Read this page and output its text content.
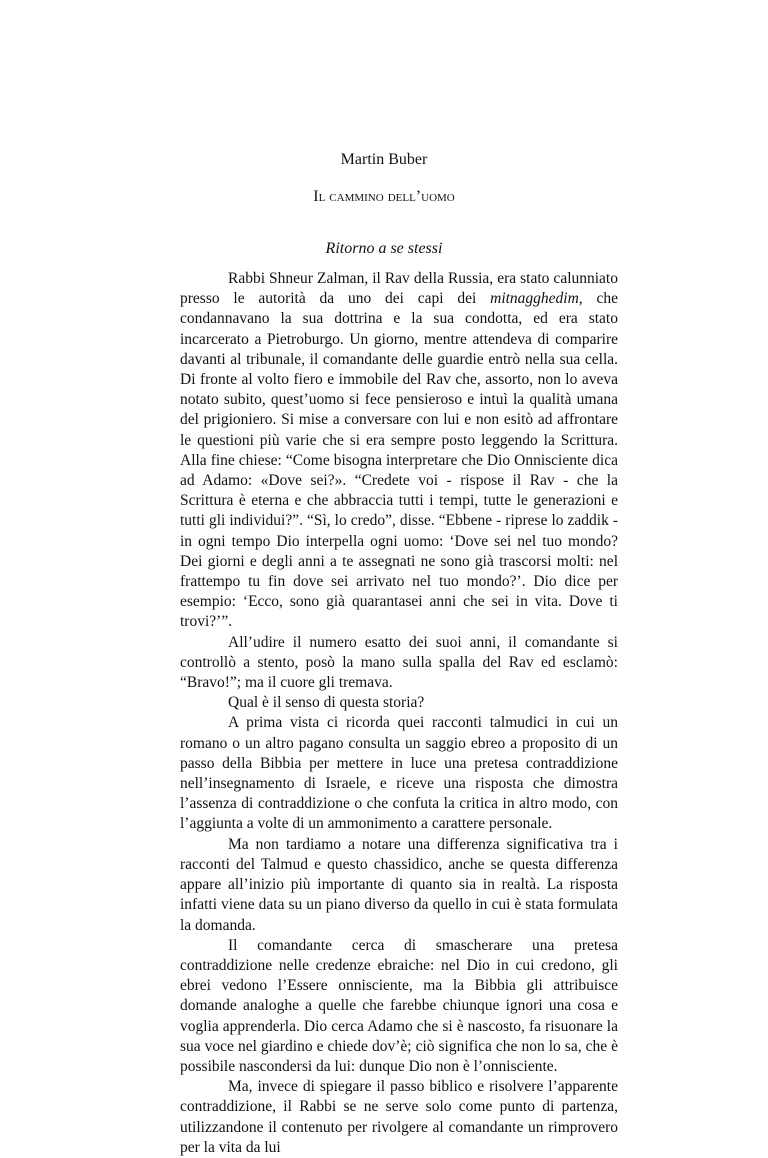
Martin Buber
Il cammino dell’uomo
Ritorno a se stessi

Rabbi Shneur Zalman, il Rav della Russia, era stato calunniato presso le autorità da uno dei capi dei mitnagghedim, che condannavano la sua dottrina e la sua condotta, ed era stato incarcerato a Pietroburgo. Un giorno, mentre attendeva di comparire davanti al tribunale, il comandante delle guardie entrò nella sua cella. Di fronte al volto fiero e immobile del Rav che, assorto, non lo aveva notato subito, quest’uomo si fece pensieroso e intuì la qualità umana del prigioniero. Si mise a conversare con lui e non esitò ad affrontare le questioni più varie che si era sempre posto leggendo la Scrittura. Alla fine chiese: “Come bisogna interpretare che Dio Onnisciente dica ad Adamo: «Dove sei?». “Credete voi - rispose il Rav - che la Scrittura è eterna e che abbraccia tutti i tempi, tutte le generazioni e tutti gli individui?”. “Sì, lo credo”, disse. “Ebbene - riprese lo zaddik - in ogni tempo Dio interpella ogni uomo: ‘Dove sei nel tuo mondo? Dei giorni e degli anni a te assegnati ne sono già trascorsi molti: nel frattempo tu fin dove sei arrivato nel tuo mondo?’. Dio dice per esempio: ‘Ecco, sono già quarantasei anni che sei in vita. Dove ti trovi?’”.

All’udire il numero esatto dei suoi anni, il comandante si controllò a stento, posò la mano sulla spalla del Rav ed esclamò: “Bravo!”; ma il cuore gli tremava.

Qual è il senso di questa storia?

A prima vista ci ricorda quei racconti talmudici in cui un romano o un altro pagano consulta un saggio ebreo a proposito di un passo della Bibbia per mettere in luce una pretesa contraddizione nell’insegnamento di Israele, e riceve una risposta che dimostra l’assenza di contraddizione o che confuta la critica in altro modo, con l’aggiunta a volte di un ammonimento a carattere personale.

Ma non tardiamo a notare una differenza significativa tra i racconti del Talmud e questo chassidico, anche se questa differenza appare all’inizio più importante di quanto sia in realtà. La risposta infatti viene data su un piano diverso da quello in cui è stata formulata la domanda.

Il comandante cerca di smascherare una pretesa contraddizione nelle credenze ebraiche: nel Dio in cui credono, gli ebrei vedono l’Essere onnisciente, ma la Bibbia gli attribuisce domande analoghe a quelle che farebbe chiunque ignori una cosa e voglia apprenderla. Dio cerca Adamo che si è nascosto, fa risuonare la sua voce nel giardino e chiede dov’è; ciò significa che non lo sa, che è possibile nascondersi da lui: dunque Dio non è l’onnisciente.

Ma, invece di spiegare il passo biblico e risolvere l’apparente contraddizione, il Rabbi se ne serve solo come punto di partenza, utilizzandone il contenuto per rivolgere al comandante un rimprovero per la vita da lui
